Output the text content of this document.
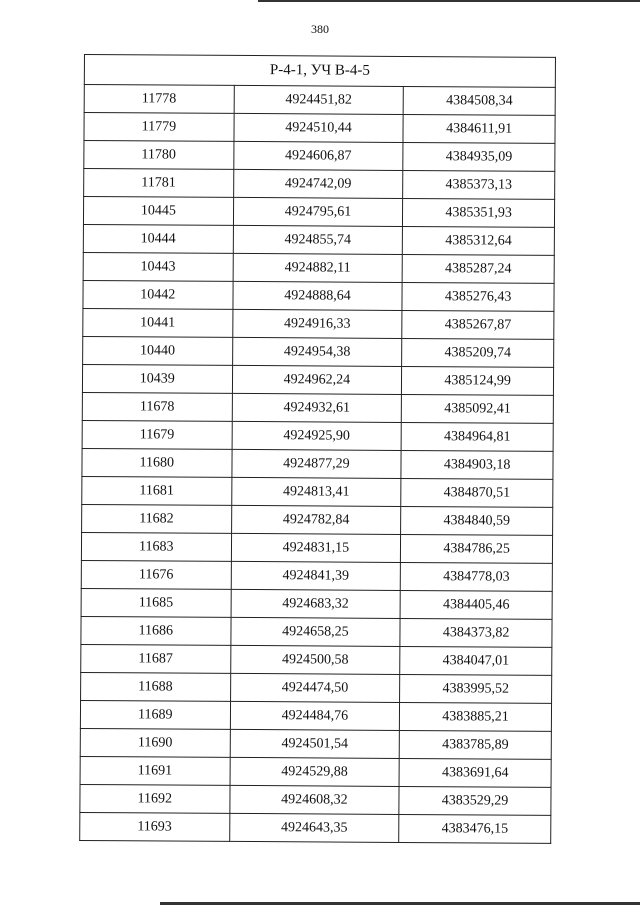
380
Р-4-1, УЧ В-4-5		
11778	4924451,82	4384508,34
11779	4924510,44	4384611,91
11780	4924606,87	4384935,09
11781	4924742,09	4385373,13
10445	4924795,61	4385351,93
10444	4924855,74	4385312,64
10443	4924882,11	4385287,24
10442	4924888,64	4385276,43
10441	4924916,33	4385267,87
10440	4924954,38	4385209,74
10439	4924962,24	4385124,99
11678	4924932,61	4385092,41
11679	4924925,90	4384964,81
11680	4924877,29	4384903,18
11681	4924813,41	4384870,51
11682	4924782,84	4384840,59
11683	4924831,15	4384786,25
11676	4924841,39	4384778,03
11685	4924683,32	4384405,46
11686	4924658,25	4384373,82
11687	4924500,58	4384047,01
11688	4924474,50	4383995,52
11689	4924484,76	4383885,21
11690	4924501,54	4383785,89
11691	4924529,88	4383691,64
11692	4924608,32	4383529,29
11693	4924643,35	4383476,15
